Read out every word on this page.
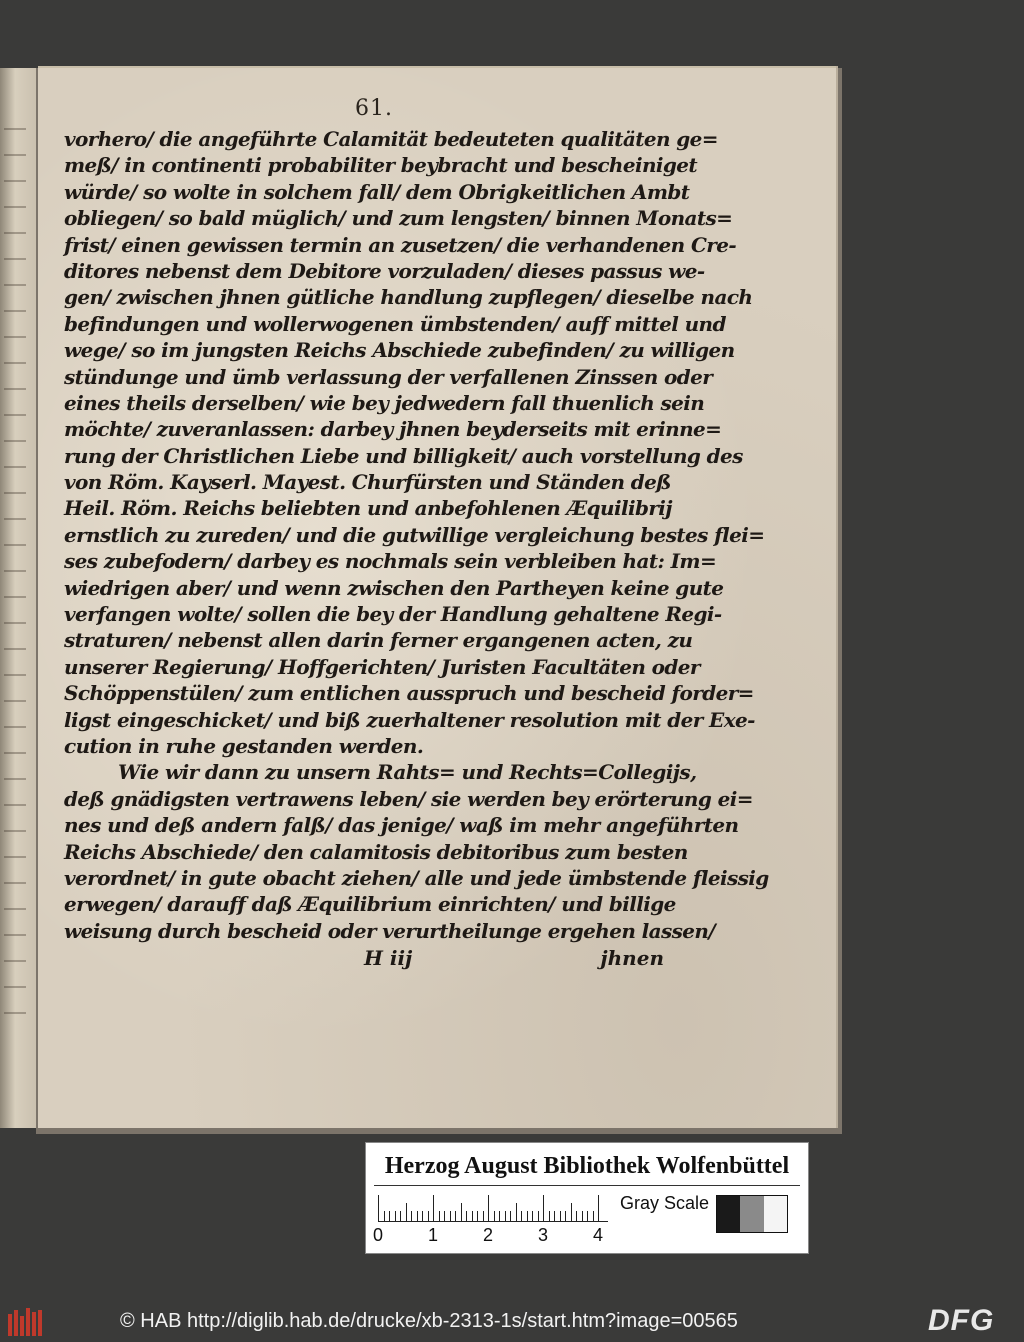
61.
vorhero/ die angeführte Calamität bedeuteten qualitäten ge=
meß/ in continenti probabiliter beybracht und bescheiniget
würde/ so wolte in solchem fall/ dem Obrigkeitlichen Ambt
obliegen/ so bald müglich/ und zum lengsten/ binnen Monats=
frist/ einen gewissen termin an zusetzen/ die verhandenen Cre-
ditores nebenst dem Debitore vorzuladen/ dieses passus we-
gen/ zwischen jhnen gütliche handlung zupflegen/ dieselbe nach
befindungen und wollerwogenen ümbstenden/ auff mittel und
wege/ so im jungsten Reichs Abschiede zubefinden/ zu willigen
stündunge und ümb verlassung der verfallenen Zinssen oder
eines theils derselben/ wie bey jedwedern fall thuenlich sein
möchte/ zuveranlassen: darbey jhnen beyderseits mit erinne=
rung der Christlichen Liebe und billigkeit/ auch vorstellung des
von Röm. Kayserl. Mayest. Churfürsten und Ständen deß
Heil. Röm. Reichs beliebten und anbefohlenen Æquilibrij
ernstlich zu zureden/ und die gutwillige vergleichung bestes flei=
ses zubefodern/ darbey es nochmals sein verbleiben hat: Im=
wiedrigen aber/ und wenn zwischen den Partheyen keine gute
verfangen wolte/ sollen die bey der Handlung gehaltene Regi-
straturen/ nebenst allen darin ferner ergangenen acten, zu
unserer Regierung/ Hoffgerichten/ Juristen Facultäten oder
Schöppenstülen/ zum entlichen ausspruch und bescheid forder=
ligst eingeschicket/ und biß zuerhaltener resolution mit der Exe-
cution in ruhe gestanden werden.
Wie wir dann zu unsern Rahts= und Rechts=Collegijs,
deß gnädigsten vertrawens leben/ sie werden bey erörterung ei=
nes und deß andern falß/ das jenige/ waß im mehr angeführten
Reichs Abschiede/ den calamitosis debitoribus zum besten
verordnet/ in gute obacht ziehen/ alle und jede ümbstende fleissig
erwegen/ darauff daß Æquilibrium einrichten/ und billige
weisung durch bescheid oder verurtheilunge ergehen lassen/
H iij	jhnen
Herzog August Bibliothek Wolfenbüttel
0 1 2 3 4
Gray Scale
© HAB http://diglib.hab.de/drucke/xb-2313-1s/start.htm?image=00565	DFG
